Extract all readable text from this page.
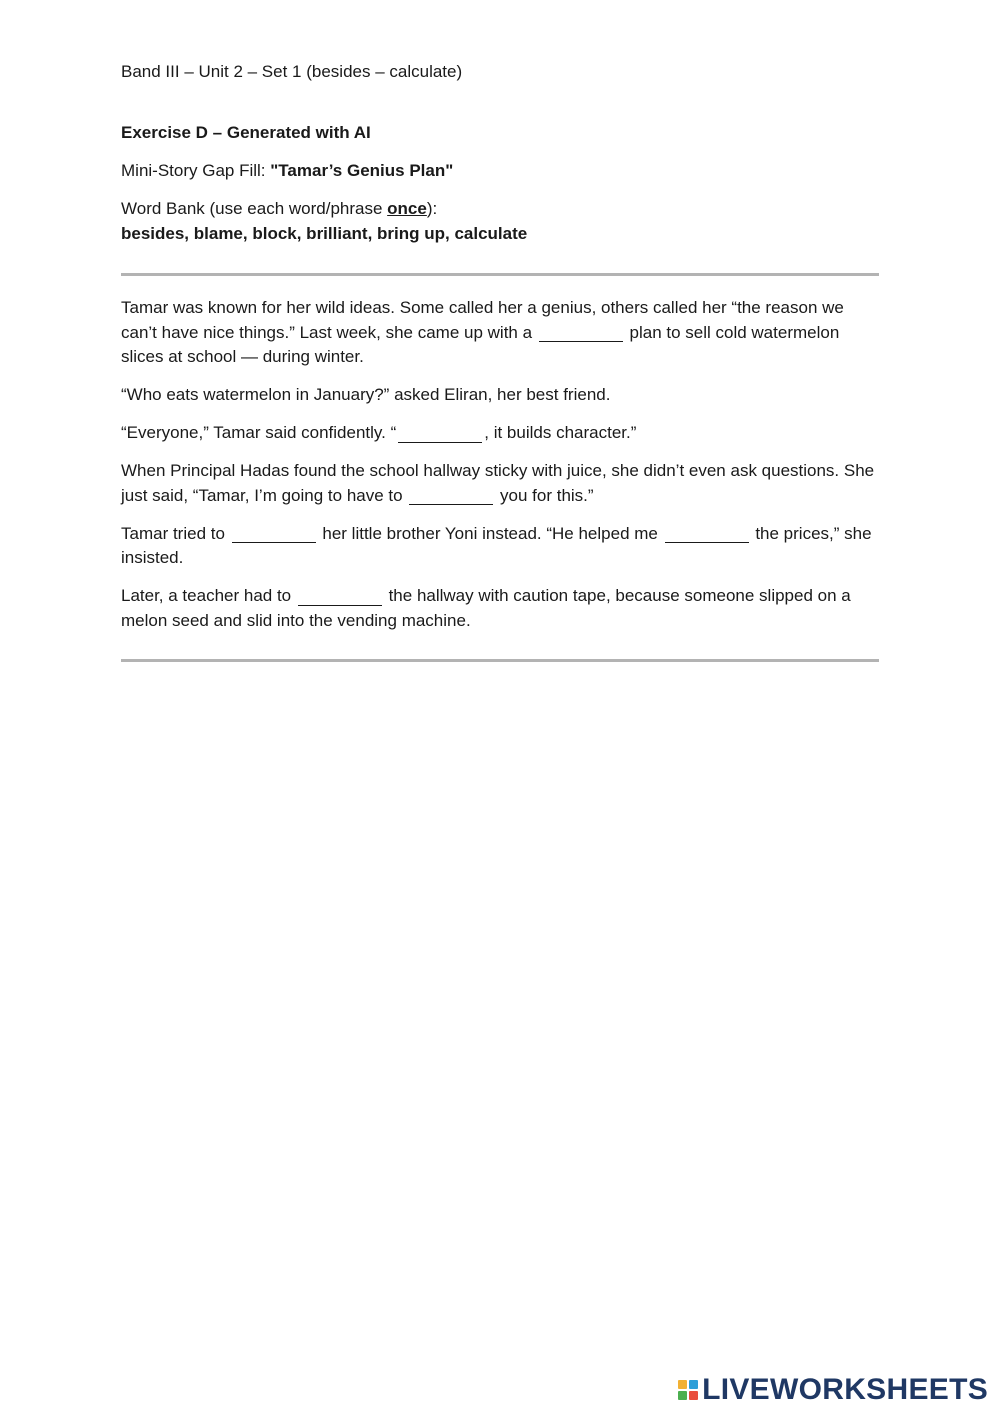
Band III – Unit 2 – Set 1 (besides – calculate)

Exercise D – Generated with AI

Mini-Story Gap Fill: "Tamar’s Genius Plan"

Word Bank (use each word/phrase once):
besides, blame, block, brilliant, bring up, calculate

Tamar was known for her wild ideas. Some called her a genius, others called her “the reason we can’t have nice things.” Last week, she came up with a	plan to sell cold watermelon slices at school — during winter.

“Who eats watermelon in January?” asked Eliran, her best friend.

“Everyone,” Tamar said confidently. “	, it builds character.”

When Principal Hadas found the school hallway sticky with juice, she didn’t even ask questions. She just said, “Tamar, I’m going to have to	you for this.”

Tamar tried to	her little brother Yoni instead. “He helped me	the prices,” she insisted.

Later, a teacher had to	the hallway with caution tape, because someone slipped on a melon seed and slid into the vending machine.

LIVEWORKSHEETS
